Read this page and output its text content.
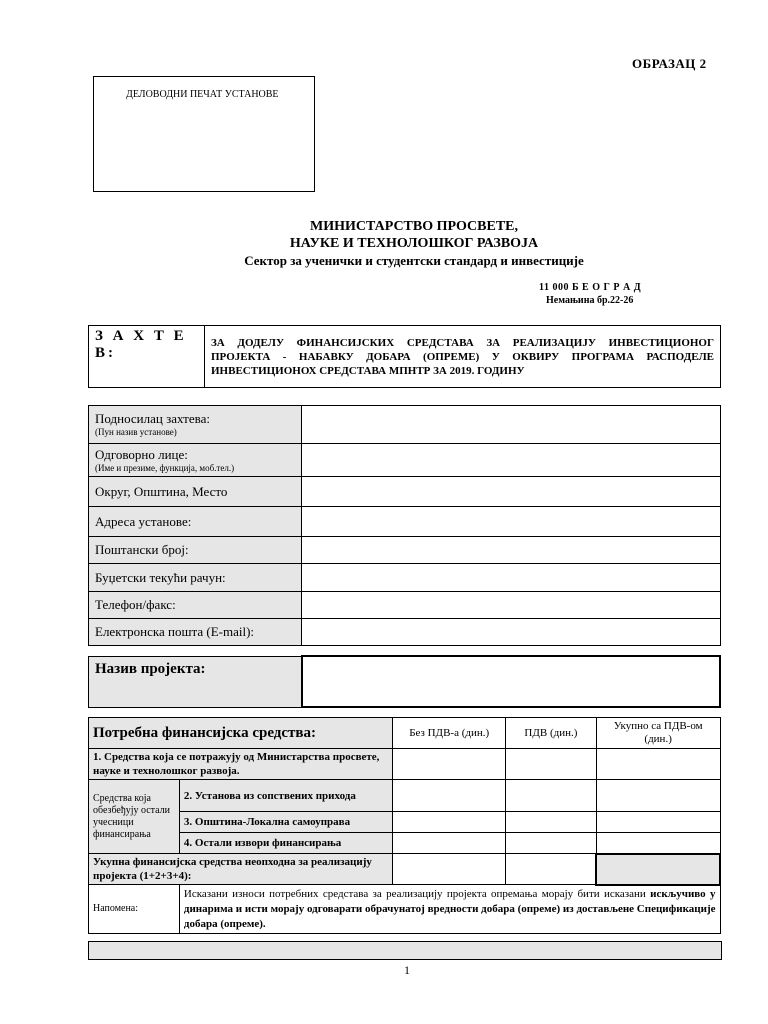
ОБРАЗАЦ 2
ДЕЛОВОДНИ ПЕЧАТ УСТАНОВЕ
МИНИСТАРСТВО ПРОСВЕТЕ,
НАУКЕ И ТЕХНОЛОШКОГ РАЗВОЈА
Сектор за ученички и студентски стандард и инвестиције
11 000 Б Е О Г Р А Д
Немањина бр.22-26
З А Х Т Е В:	ЗА ДОДЕЛУ ФИНАНСИЈСКИХ СРЕДСТАВА ЗА РЕАЛИЗАЦИЈУ ИНВЕСТИЦИОНОГ ПРОЈЕКТА - НАБАВКУ ДОБАРА (ОПРЕМЕ) У ОКВИРУ ПРОГРАМА РАСПОДЕЛЕ ИНВЕСТИЦИОНОХ СРЕДСТАВА МПНТР ЗА 2019. ГОДИНУ
Подносилац захтева:
(Пун назив установе)	

Одговорно лице:
(Име и презиме, функција, моб.тел.)	

Округ, Општина, Место	
Адреса установе:	
Поштански број:	
Буџетски текући рачун:	
Телефон/факс:	
Електронска пошта (E-mail):	
Назив пројекта:	
Потребна финансијска средства:		Без ПДВ-а (дин.)	ПДВ (дин.)	Укупно са ПДВ-ом (дин.)
1. Средства која се потражују од Министарства просвете, науке и технолошког развоја.				
Средства која обезбеђују остали учесници финансирања	2. Установа из сопствених прихода			
	3. Општина-Локална самоуправа			
	4. Остали извори финансирања			
Укупна финансијска средства неопходна за реализацију пројекта (1+2+3+4):				
Напомена:	Исказани износи потребних средстава за реализацију пројекта опремања морају бити исказани искључиво у динарима и исти морају одговарати обрачунатој вредности добара (опреме) из достављене Спецификације добара (опреме).			
1
